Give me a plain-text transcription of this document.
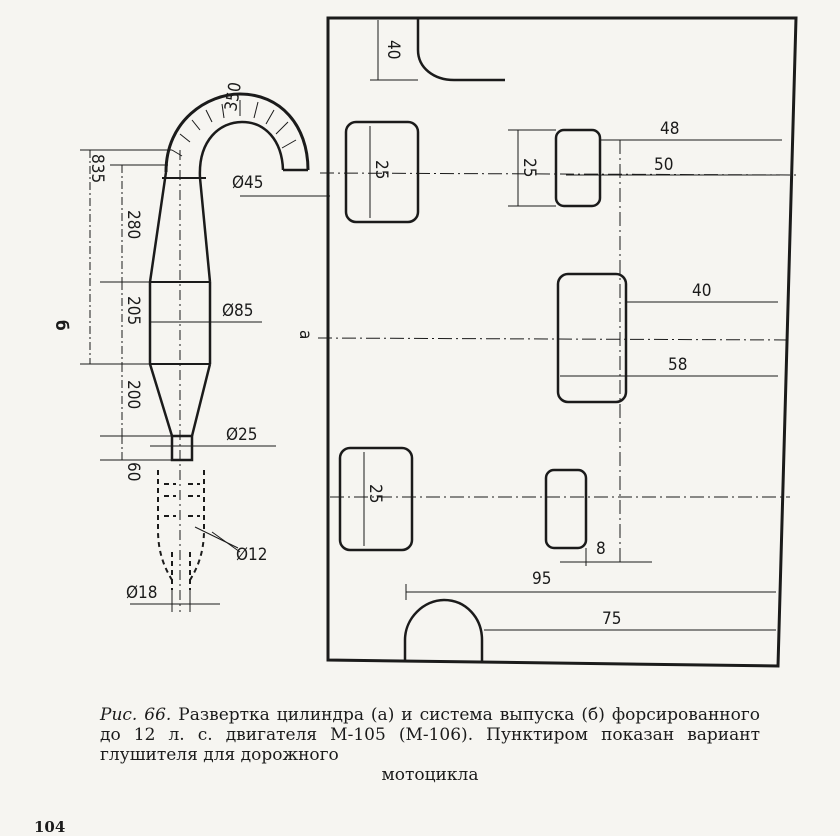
350
835	Ø45
280
205	Ø85
200
Ø25
60
Ø12
Ø18
б
а
40
25	25
48
50
40
58
25
8
95
75
Рис. 66. Развертка цилиндра (а) и система выпуска (б) форсированного до 12 л. с. двигателя М-105 (М-106). Пунктиром показан вариант глушителя для дорожного
мотоцикла
104
